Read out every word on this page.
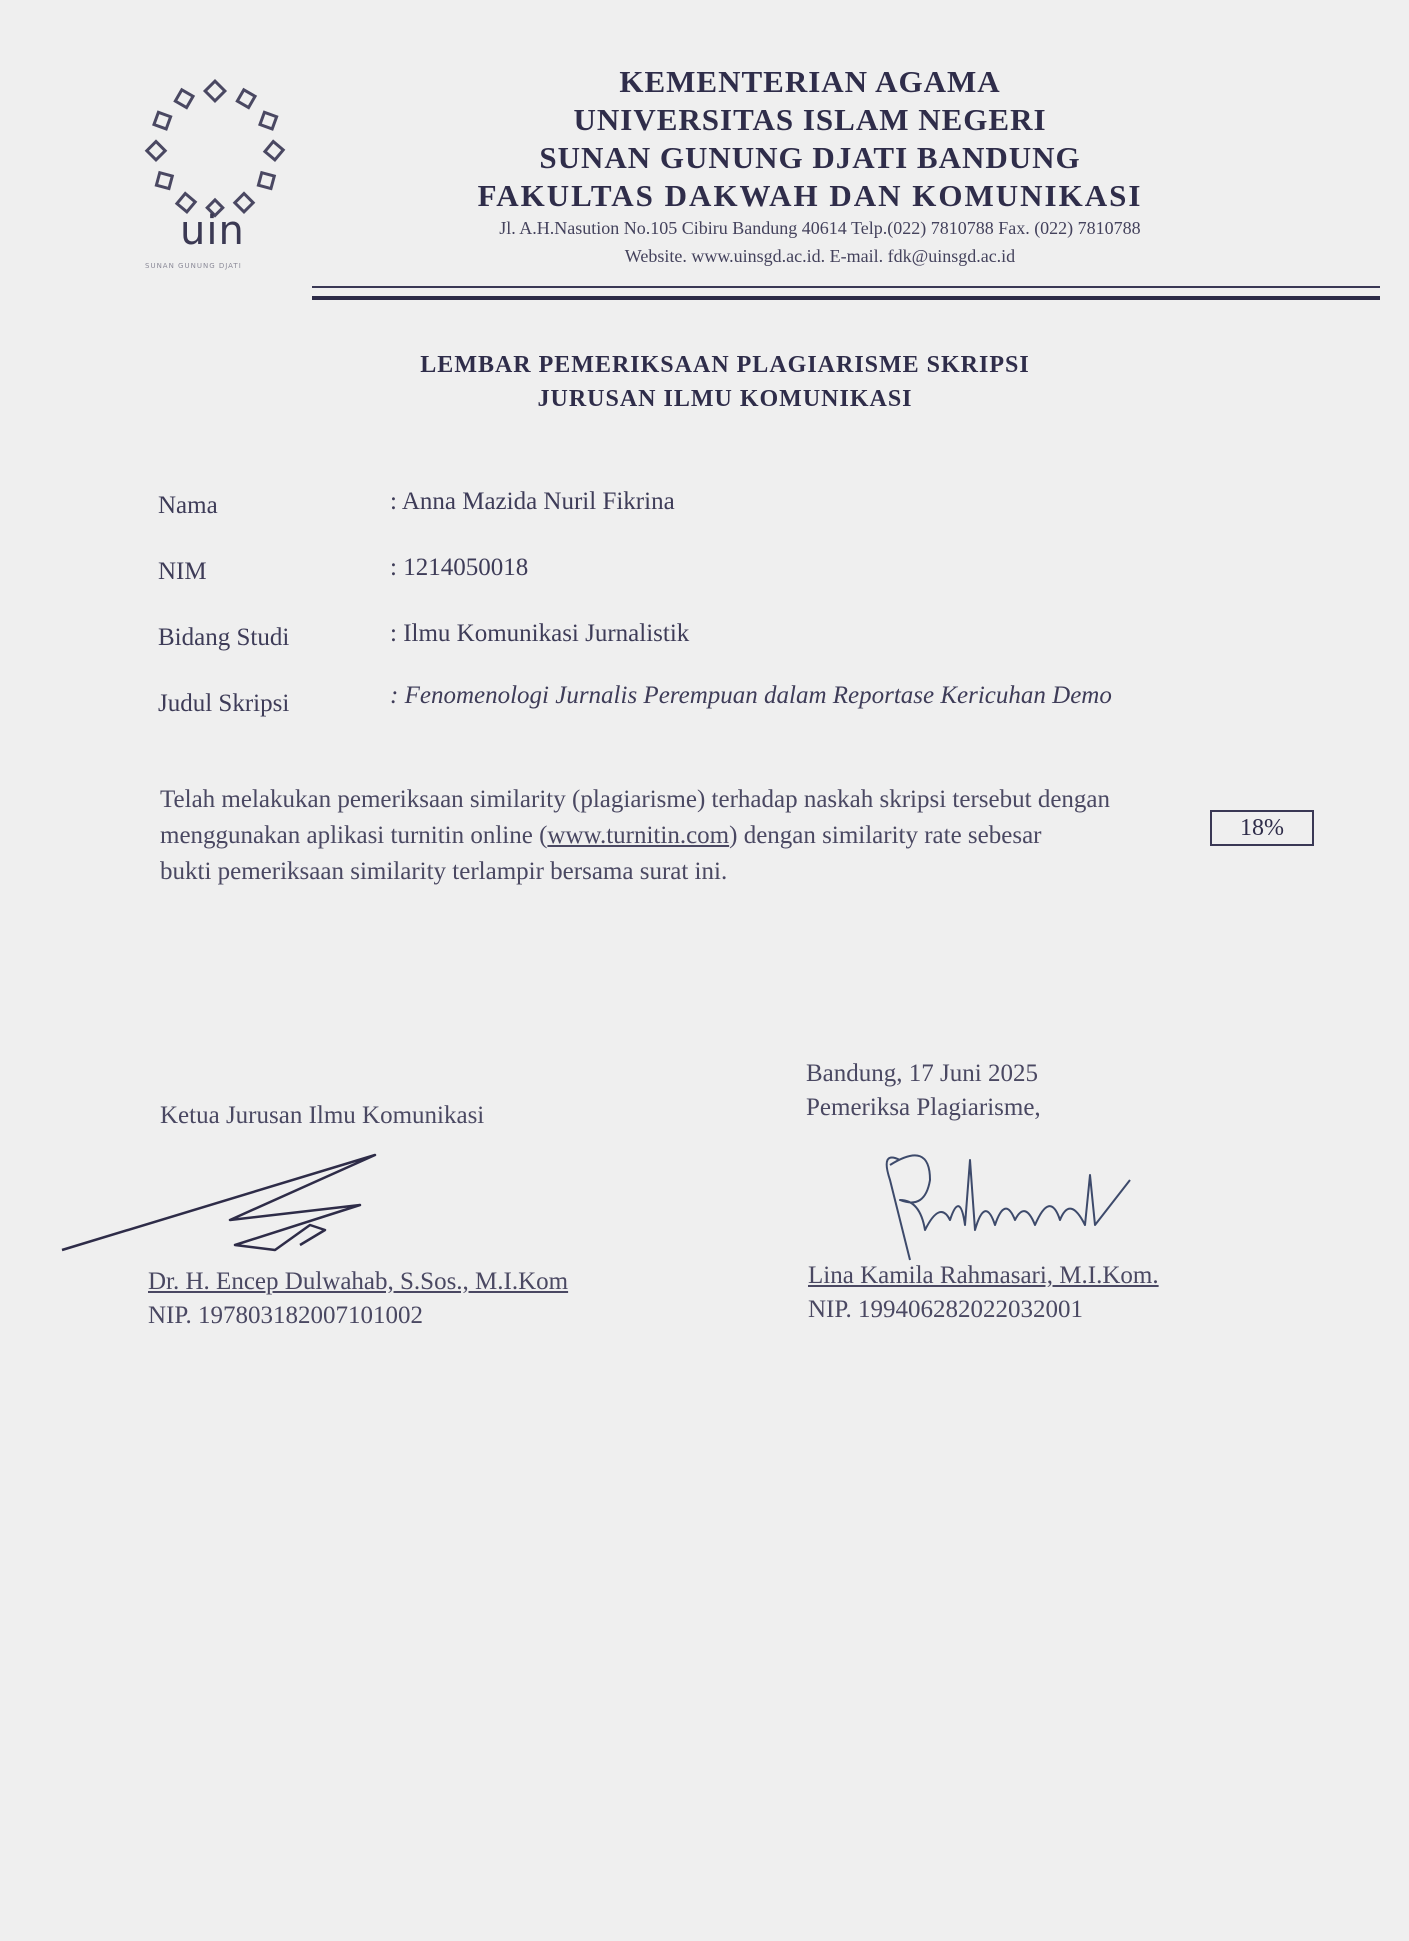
uin
SUNAN GUNUNG DJATI
KEMENTERIAN AGAMA
UNIVERSITAS ISLAM NEGERI
SUNAN GUNUNG DJATI BANDUNG
FAKULTAS DAKWAH DAN KOMUNIKASI
Jl. A.H.Nasution No.105 Cibiru Bandung 40614 Telp.(022) 7810788 Fax. (022) 7810788
Website. www.uinsgd.ac.id. E-mail. fdk@uinsgd.ac.id
LEMBAR PEMERIKSAAN PLAGIARISME SKRIPSI
JURUSAN ILMU KOMUNIKASI
Nama	: Anna Mazida Nuril Fikrina
NIM	: 1214050018
Bidang Studi	: Ilmu Komunikasi Jurnalistik
Judul Skripsi	: Fenomenologi Jurnalis Perempuan dalam Reportase Kericuhan Demo
Telah melakukan pemeriksaan similarity (plagiarisme) terhadap naskah skripsi tersebut dengan
menggunakan aplikasi turnitin online (www.turnitin.com) dengan similarity rate sebesar	18%
bukti pemeriksaan similarity terlampir bersama surat ini.
Bandung, 17 Juni 2025
Pemeriksa Plagiarisme,
Ketua Jurusan Ilmu Komunikasi
Dr. H. Encep Dulwahab, S.Sos., M.I.Kom
NIP. 197803182007101002
Lina Kamila Rahmasari, M.I.Kom.
NIP. 199406282022032001
